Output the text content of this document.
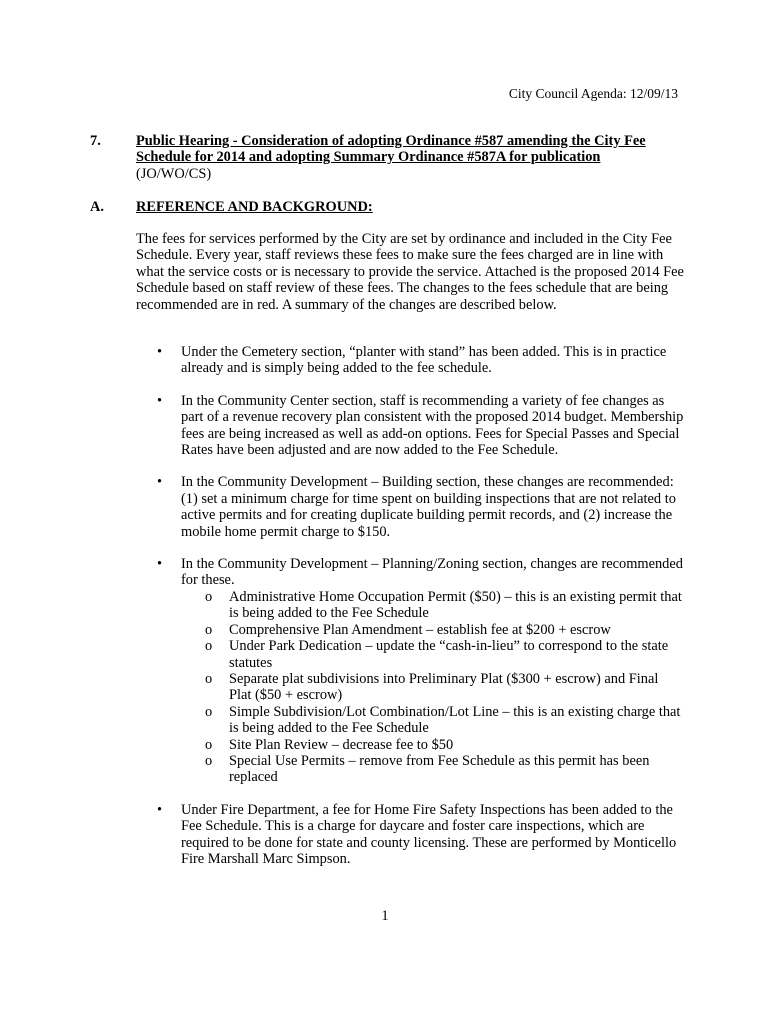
City Council Agenda: 12/09/13
7. Public Hearing - Consideration of adopting Ordinance #587 amending the City Fee Schedule for 2014 and adopting Summary Ordinance #587A for publication
(JO/WO/CS)
A. REFERENCE AND BACKGROUND:

The fees for services performed by the City are set by ordinance and included in the City Fee Schedule. Every year, staff reviews these fees to make sure the fees charged are in line with what the service costs or is necessary to provide the service. Attached is the proposed 2014 Fee Schedule based on staff review of these fees. The changes to the fees schedule that are being recommended are in red. A summary of the changes are described below.

• Under the Cemetery section, “planter with stand” has been added. This is in practice already and is simply being added to the fee schedule.
• In the Community Center section, staff is recommending a variety of fee changes as part of a revenue recovery plan consistent with the proposed 2014 budget. Membership fees are being increased as well as add-on options. Fees for Special Passes and Special Rates have been adjusted and are now added to the Fee Schedule.
• In the Community Development – Building section, these changes are recommended: (1) set a minimum charge for time spent on building inspections that are not related to active permits and for creating duplicate building permit records, and (2) increase the mobile home permit charge to $150.
• In the Community Development – Planning/Zoning section, changes are recommended for these.
o Administrative Home Occupation Permit ($50) – this is an existing permit that is being added to the Fee Schedule
o Comprehensive Plan Amendment – establish fee at $200 + escrow
o Under Park Dedication – update the “cash-in-lieu” to correspond to the state statutes
o Separate plat subdivisions into Preliminary Plat ($300 + escrow) and Final Plat ($50 + escrow)
o Simple Subdivision/Lot Combination/Lot Line – this is an existing charge that is being added to the Fee Schedule
o Site Plan Review – decrease fee to $50
o Special Use Permits – remove from Fee Schedule as this permit has been replaced
• Under Fire Department, a fee for Home Fire Safety Inspections has been added to the Fee Schedule. This is a charge for daycare and foster care inspections, which are required to be done for state and county licensing. These are performed by Monticello Fire Marshall Marc Simpson.
1
